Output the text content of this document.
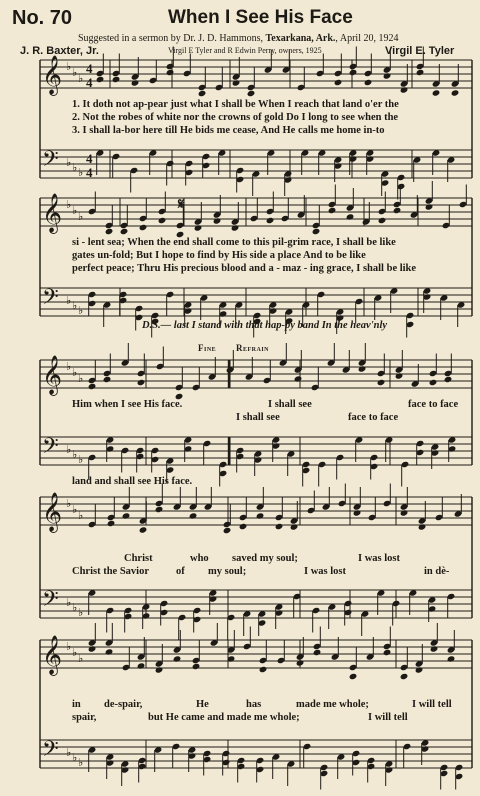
No. 70	When I See His Face
Suggested in a sermon by Dr. J. D. Hammons, Texarkana, Ark., April 20, 1924
J. R. Baxter, Jr.	Virgil E Tyler and R Edwin Perry, owners, 1925	Virgil E. Tyler
𝄞 ♭ ♭ ♭
4
4
𝄢 ♭ ♭ ♭
4
4
𝄞 ♭ ♭ ♭
𝄢 ♭ ♭ ♭
𝄞 ♭ ♭ ♭
𝄢 ♭ ♭ ♭
𝄞 ♭ ♭ ♭
𝄢 ♭ ♭ ♭
𝄞 ♭ ♭ ♭
𝄢 ♭ ♭ ♭
1. It doth not ap-pear just what I shall be When I reach that land o'er the
2. Not the robes of white nor the crowns of gold Do I long to see when the
3. I shall la-bor here till He bids me cease, And He calls me home in-to
si - lent sea; When the end shall come to this pil-grim race, I shall be like
gates un-fold; But I hope to find by His side a place And to be like
perfect peace; Thru His precious blood and a - maz - ing grace, I shall be like
D.S.— last I stand with that hap-py band In the heav'nly
Fine Refrain
Him when I see His face.	I shall see	face to face
I shall see	face to face
land and shall see His face.
Christ	who saved my soul;	I was lost
Christ the Savior	of my soul;	I was lost	in dè-
in de-spair,	He	has	made me whole;	I will tell
spair,	but He came and made me whole;	I will tell
𝄋
